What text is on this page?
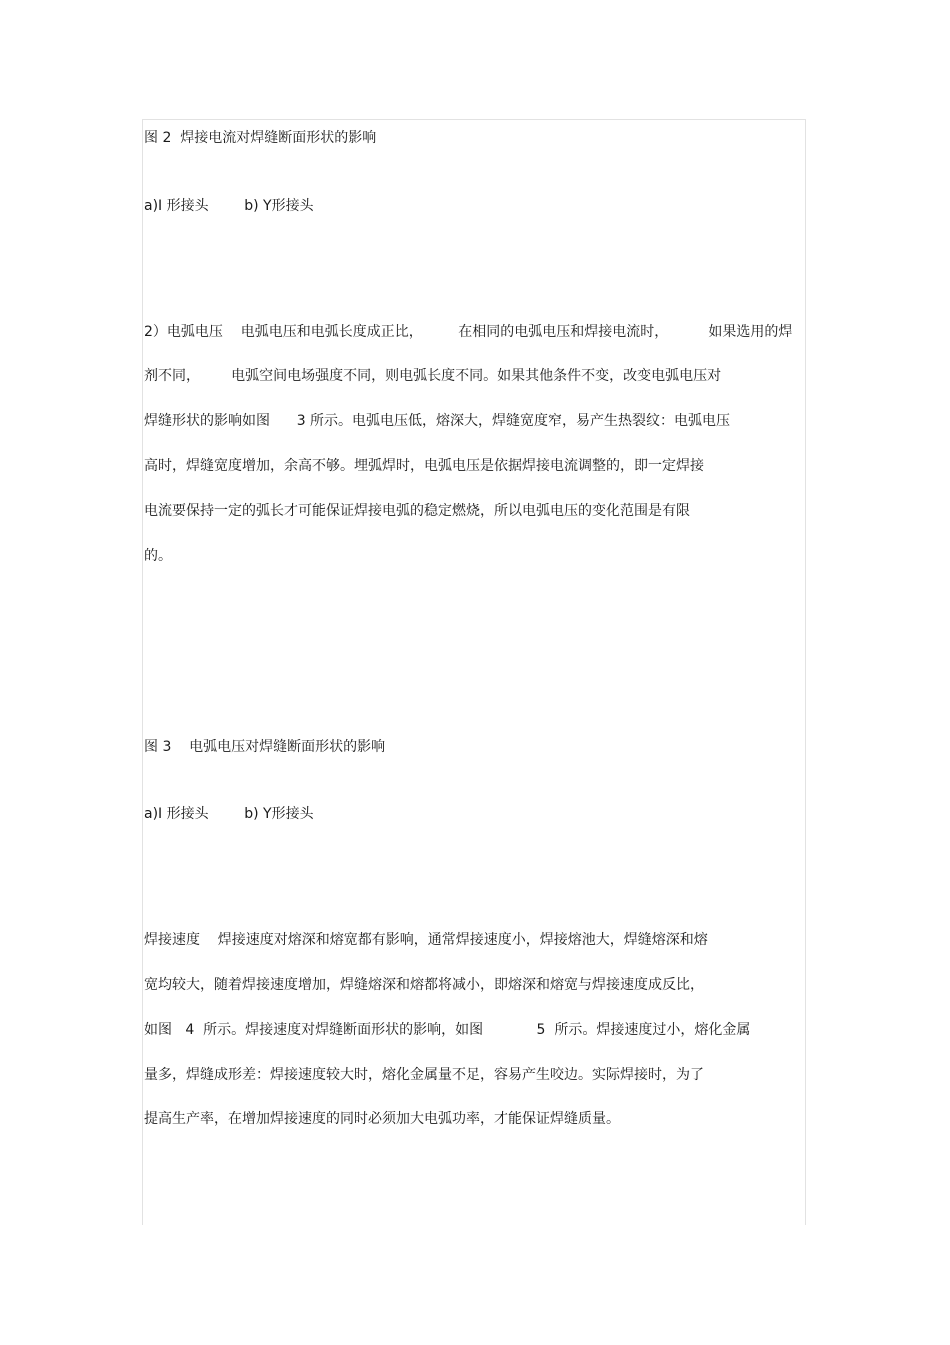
图 2  焊接电流对焊缝断面形状的影响
a)I 形接头        b) Y形接头
2）电弧电压    电弧电压和电弧长度成正比，        在相同的电弧电压和焊接电流时，         如果选用的焊
剂不同，       电弧空间电场强度不同，则电弧长度不同。如果其他条件不变，改变电弧电压对
焊缝形状的影响如图      3 所示。电弧电压低，熔深大，焊缝宽度窄，易产生热裂纹：电弧电压
高时，焊缝宽度增加，余高不够。埋弧焊时，电弧电压是依据焊接电流调整的，即一定焊接
电流要保持一定的弧长才可能保证焊接电弧的稳定燃烧，所以电弧电压的变化范围是有限
的。
图 3    电弧电压对焊缝断面形状的影响
a)I 形接头        b) Y形接头
焊接速度    焊接速度对熔深和熔宽都有影响，通常焊接速度小，焊接熔池大，焊缝熔深和熔
宽均较大，随着焊接速度增加，焊缝熔深和熔都将减小，即熔深和熔宽与焊接速度成反比，
如图   4  所示。焊接速度对焊缝断面形状的影响，如图            5  所示。焊接速度过小，熔化金属
量多，焊缝成形差：焊接速度较大时，熔化金属量不足，容易产生咬边。实际焊接时，为了
提高生产率，在增加焊接速度的同时必须加大电弧功率，才能保证焊缝质量。
